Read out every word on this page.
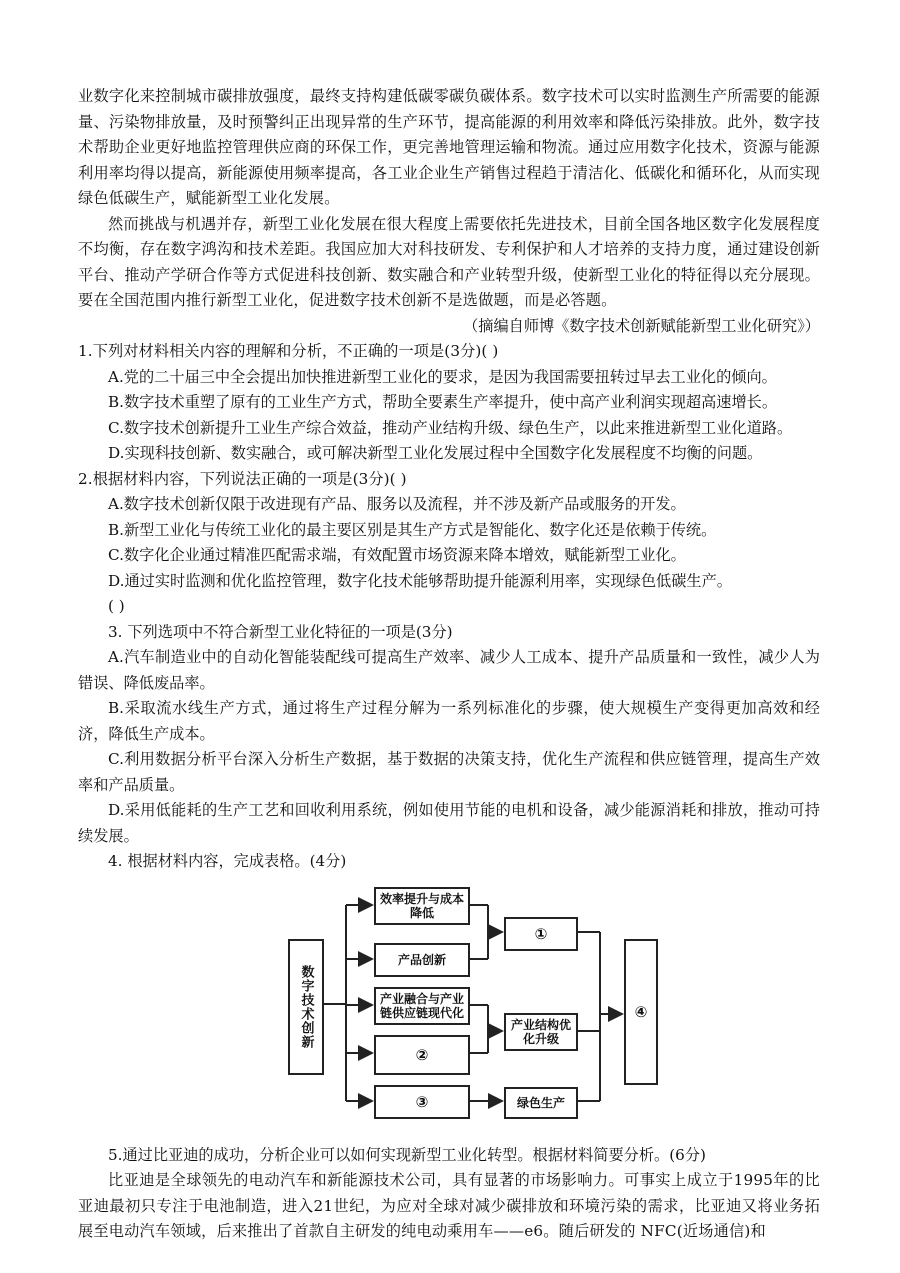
业数字化来控制城市碳排放强度，最终支持构建低碳零碳负碳体系。数字技术可以实时监测生产所需要的能源量、污染物排放量，及时预警纠正出现异常的生产环节，提高能源的利用效率和降低污染排放。此外，数字技术帮助企业更好地监控管理供应商的环保工作，更完善地管理运输和物流。通过应用数字化技术，资源与能源利用率均得以提高，新能源使用频率提高，各工业企业生产销售过程趋于清洁化、低碳化和循环化，从而实现绿色低碳生产，赋能新型工业化发展。

然而挑战与机遇并存，新型工业化发展在很大程度上需要依托先进技术，目前全国各地区数字化发展程度不均衡，存在数字鸿沟和技术差距。我国应加大对科技研发、专利保护和人才培养的支持力度，通过建设创新平台、推动产学研合作等方式促进科技创新、数实融合和产业转型升级，使新型工业化的特征得以充分展现。要在全国范围内推行新型工业化，促进数字技术创新不是选做题，而是必答题。

（摘编自师博《数字技术创新赋能新型工业化研究》）

1.下列对材料相关内容的理解和分析，不正确的一项是(3分)( )

A.党的二十届三中全会提出加快推进新型工业化的要求，是因为我国需要扭转过早去工业化的倾向。

B.数字技术重塑了原有的工业生产方式，帮助全要素生产率提升，使中高产业利润实现超高速增长。

C.数字技术创新提升工业生产综合效益，推动产业结构升级、绿色生产，以此来推进新型工业化道路。

D.实现科技创新、数实融合，或可解决新型工业化发展过程中全国数字化发展程度不均衡的问题。

2.根据材料内容，下列说法正确的一项是(3分)( )

A.数字技术创新仅限于改进现有产品、服务以及流程，并不涉及新产品或服务的开发。

B.新型工业化与传统工业化的最主要区别是其生产方式是智能化、数字化还是依赖于传统。

C.数字化企业通过精准匹配需求端，有效配置市场资源来降本增效，赋能新型工业化。

D.通过实时监测和优化监控管理，数字化技术能够帮助提升能源利用率，实现绿色低碳生产。

( )

3. 下列选项中不符合新型工业化特征的一项是(3分)

A.汽车制造业中的自动化智能装配线可提高生产效率、减少人工成本、提升产品质量和一致性，减少人为错误、降低废品率。

B.采取流水线生产方式，通过将生产过程分解为一系列标准化的步骤，使大规模生产变得更加高效和经济，降低生产成本。

C.利用数据分析平台深入分析生产数据，基于数据的决策支持，优化生产流程和供应链管理，提高生产效率和产品质量。

D.采用低能耗的生产工艺和回收利用系统，例如使用节能的电机和设备，减少能源消耗和排放，推动可持续发展。

4. 根据材料内容，完成表格。(4分)

数字技术创新
效率提升与成本降低
产品创新
产业融合与产业链供应链现代化
②
③
①
产业结构优化升级
绿色生产
④

5.通过比亚迪的成功，分析企业可以如何实现新型工业化转型。根据材料简要分析。(6分)

比亚迪是全球领先的电动汽车和新能源技术公司，具有显著的市场影响力。可事实上成立于1995年的比亚迪最初只专注于电池制造，进入21世纪，为应对全球对减少碳排放和环境污染的需求，比亚迪又将业务拓展至电动汽车领域，后来推出了首款自主研发的纯电动乘用车——e6。随后研发的 NFC(近场通信)和
